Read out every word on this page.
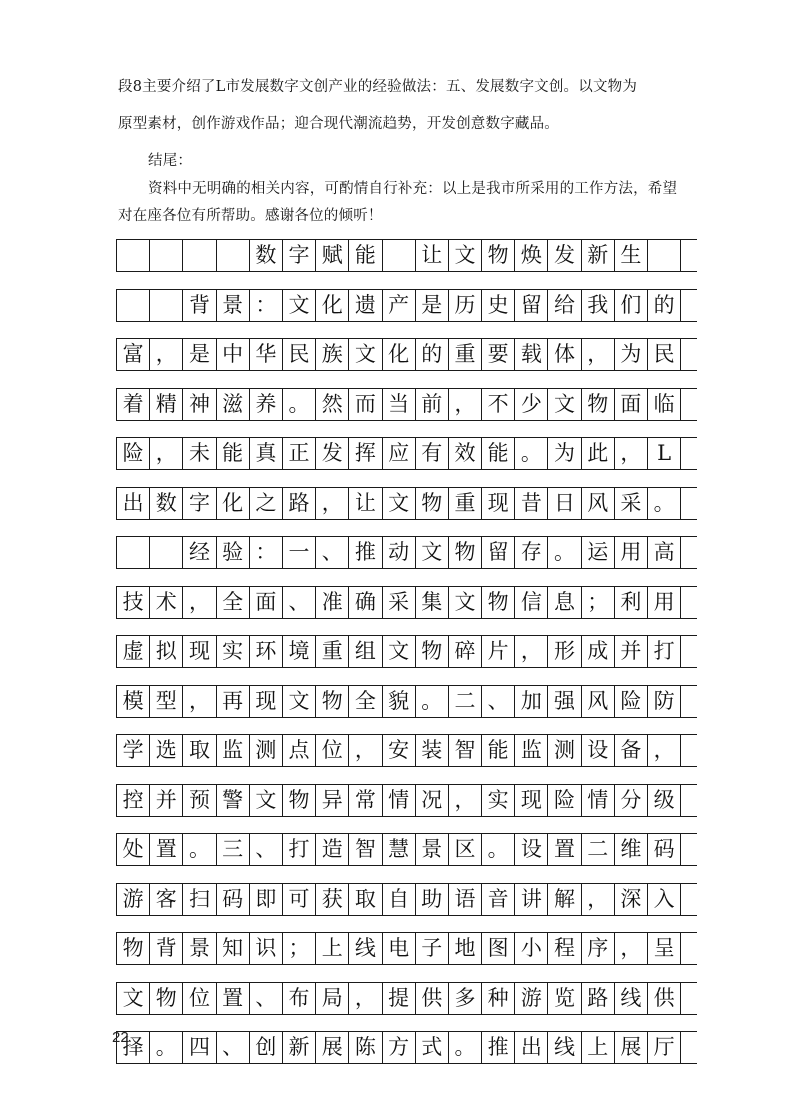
段8主要介绍了L市发展数字文创产业的经验做法：五、发展数字文创。以文物为
原型素材，创作游戏作品；迎合现代潮流趋势，开发创意数字藏品。
结尾：
资料中无明确的相关内容，可酌情自行补充：以上是我市所采用的工作方法，希望
对在座各位有所帮助。感谢各位的倾听！
数 字 赋 能	让 文 物 焕 发 新 生
背 景 ： 文 化 遗 产 是 历 史 留 给 我 们 的
富 ， 是 中 华 民 族 文 化 的 重 要 载 体 ， 为 民
着 精 神 滋 养 。 然 而 当 前 ， 不 少 文 物 面 临
险 ， 未 能 真 正 发 挥 应 有 效 能 。 为 此 ， L
出 数 字 化 之 路 ， 让 文 物 重 现 昔 日 风 采 。
经 验 ： 一 、 推 动 文 物 留 存 。 运 用 高
技 术 ， 全 面 、 准 确 采 集 文 物 信 息 ； 利 用
虚 拟 现 实 环 境 重 组 文 物 碎 片 ， 形 成 并 打
模 型 ， 再 现 文 物 全 貌 。 二 、 加 强 风 险 防
学 选 取 监 测 点 位 ， 安 装 智 能 监 测 设 备 ，
控 并 预 警 文 物 异 常 情 况 ， 实 现 险 情 分 级
处 置 。 三 、 打 造 智 慧 景 区 。 设 置 二 维 码
游 客 扫 码 即 可 获 取 自 助 语 音 讲 解 ， 深 入
物 背 景 知 识 ； 上 线 电 子 地 图 小 程 序 ， 呈
文 物 位 置 、 布 局 ， 提 供 多 种 游 览 路 线 供
择 。 四 、 创 新 展 陈 方 式 。 推 出 线 上 展 厅
22
